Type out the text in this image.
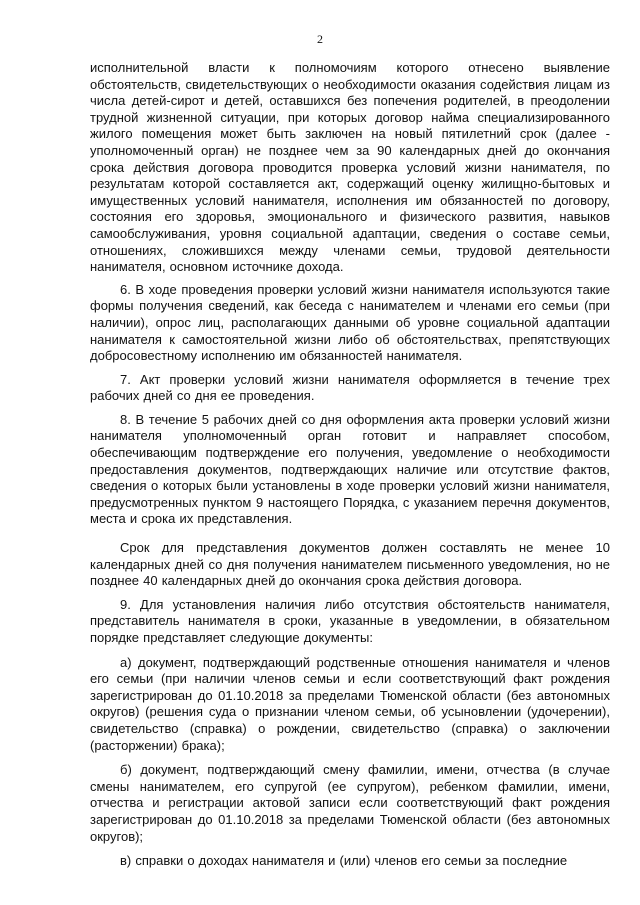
2

исполнительной власти к полномочиям которого отнесено выявление обстоятельств, свидетельствующих о необходимости оказания содействия лицам из числа детей-сирот и детей, оставшихся без попечения родителей, в преодолении трудной жизненной ситуации, при которых договор найма специализированного жилого помещения может быть заключен на новый пятилетний срок (далее - уполномоченный орган) не позднее чем за 90 календарных дней до окончания срока действия договора проводится проверка условий жизни нанимателя, по результатам которой составляется акт, содержащий оценку жилищно-бытовых и имущественных условий нанимателя, исполнения им обязанностей по договору, состояния его здоровья, эмоционального и физического развития, навыков самообслуживания, уровня социальной адаптации, сведения о составе семьи, отношениях, сложившихся между членами семьи, трудовой деятельности нанимателя, основном источнике дохода.

6. В ходе проведения проверки условий жизни нанимателя используются такие формы получения сведений, как беседа с нанимателем и членами его семьи (при наличии), опрос лиц, располагающих данными об уровне социальной адаптации нанимателя к самостоятельной жизни либо об обстоятельствах, препятствующих добросовестному исполнению им обязанностей нанимателя.

7. Акт проверки условий жизни нанимателя оформляется в течение трех рабочих дней со дня ее проведения.

8. В течение 5 рабочих дней со дня оформления акта проверки условий жизни нанимателя уполномоченный орган готовит и направляет способом, обеспечивающим подтверждение его получения, уведомление о необходимости предоставления документов, подтверждающих наличие или отсутствие фактов, сведения о которых были установлены в ходе проверки условий жизни нанимателя, предусмотренных пунктом 9 настоящего Порядка, с указанием перечня документов, места и срока их представления.

Срок для представления документов должен составлять не менее 10 календарных дней со дня получения нанимателем письменного уведомления, но не позднее 40 календарных дней до окончания срока действия договора.

9. Для установления наличия либо отсутствия обстоятельств нанимателя, представитель нанимателя в сроки, указанные в уведомлении, в обязательном порядке представляет следующие документы:

а) документ, подтверждающий родственные отношения нанимателя и членов его семьи (при наличии членов семьи и если соответствующий факт рождения зарегистрирован до 01.10.2018 за пределами Тюменской области (без автономных округов) (решения суда о признании членом семьи, об усыновлении (удочерении), свидетельство (справка) о рождении, свидетельство (справка) о заключении (расторжении) брака);

б) документ, подтверждающий смену фамилии, имени, отчества (в случае смены нанимателем, его супругой (ее супругом), ребенком фамилии, имени, отчества и регистрации актовой записи если соответствующий факт рождения зарегистрирован до 01.10.2018 за пределами Тюменской области (без автономных округов);

в) справки о доходах нанимателя и (или) членов его семьи за последние
